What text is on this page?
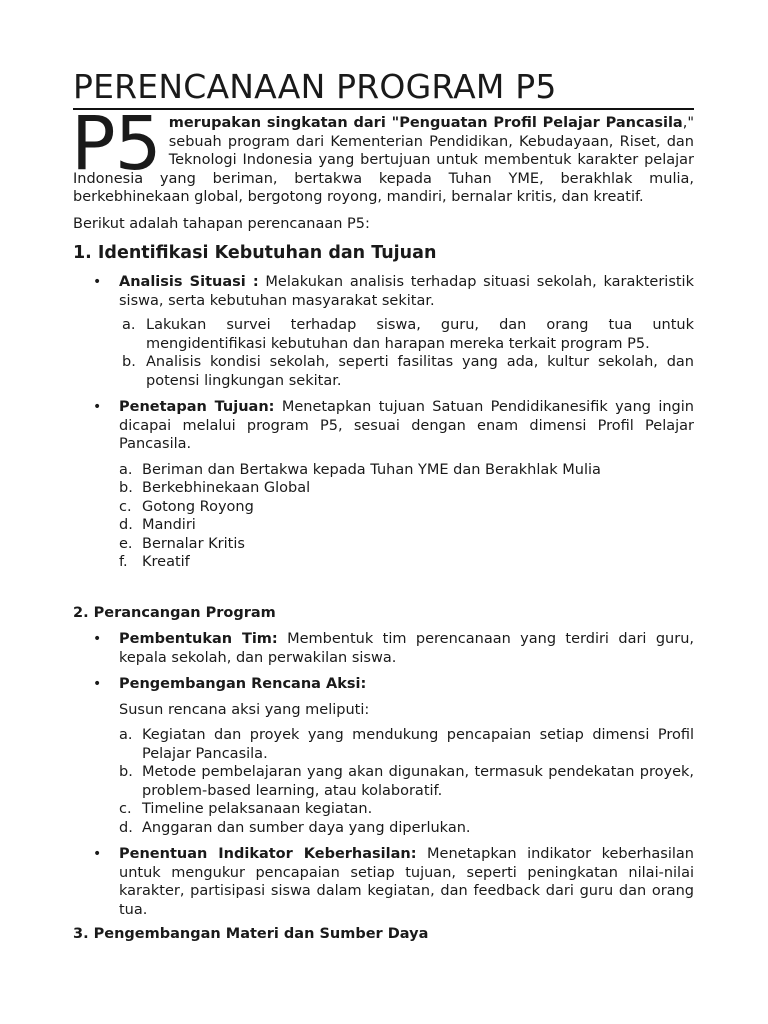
PERENCANAAN PROGRAM P5
P5 merupakan singkatan dari "Penguatan Profil Pelajar Pancasila," sebuah program dari Kementerian Pendidikan, Kebudayaan, Riset, dan Teknologi Indonesia yang bertujuan untuk membentuk karakter pelajar Indonesia yang beriman, bertakwa kepada Tuhan YME, berakhlak mulia, berkebhinekaan global, bergotong royong, mandiri, bernalar kritis, dan kreatif.

Berikut adalah tahapan perencanaan P5:

1. Identifikasi Kebutuhan dan Tujuan
• Analisis Situasi : Melakukan analisis terhadap situasi sekolah, karakteristik siswa, serta kebutuhan masyarakat sekitar.

a. Lakukan survei terhadap siswa, guru, dan orang tua untuk mengidentifikasi kebutuhan dan harapan mereka terkait program P5.
b. Analisis kondisi sekolah, seperti fasilitas yang ada, kultur sekolah, dan potensi lingkungan sekitar.
• Penetapan Tujuan: Menetapkan tujuan Satuan Pendidikanesifik yang ingin dicapai melalui program P5, sesuai dengan enam dimensi Profil Pelajar Pancasila.

a. Beriman dan Bertakwa kepada Tuhan YME dan Berakhlak Mulia
b. Berkebhinekaan Global
c. Gotong Royong
d. Mandiri
e. Bernalar Kritis
f. Kreatif
2. Perancangan Program
• Pembentukan Tim: Membentuk tim perencanaan yang terdiri dari guru, kepala sekolah, dan perwakilan siswa.

• Pengembangan Rencana Aksi:

Susun rencana aksi yang meliputi:

a. Kegiatan dan proyek yang mendukung pencapaian setiap dimensi Profil Pelajar Pancasila.
b. Metode pembelajaran yang akan digunakan, termasuk pendekatan proyek, problem-based learning, atau kolaboratif.
c. Timeline pelaksanaan kegiatan.
d. Anggaran dan sumber daya yang diperlukan.
• Penentuan Indikator Keberhasilan: Menetapkan indikator keberhasilan untuk mengukur pencapaian setiap tujuan, seperti peningkatan nilai-nilai karakter, partisipasi siswa dalam kegiatan, dan feedback dari guru dan orang tua.

3. Pengembangan Materi dan Sumber Daya
